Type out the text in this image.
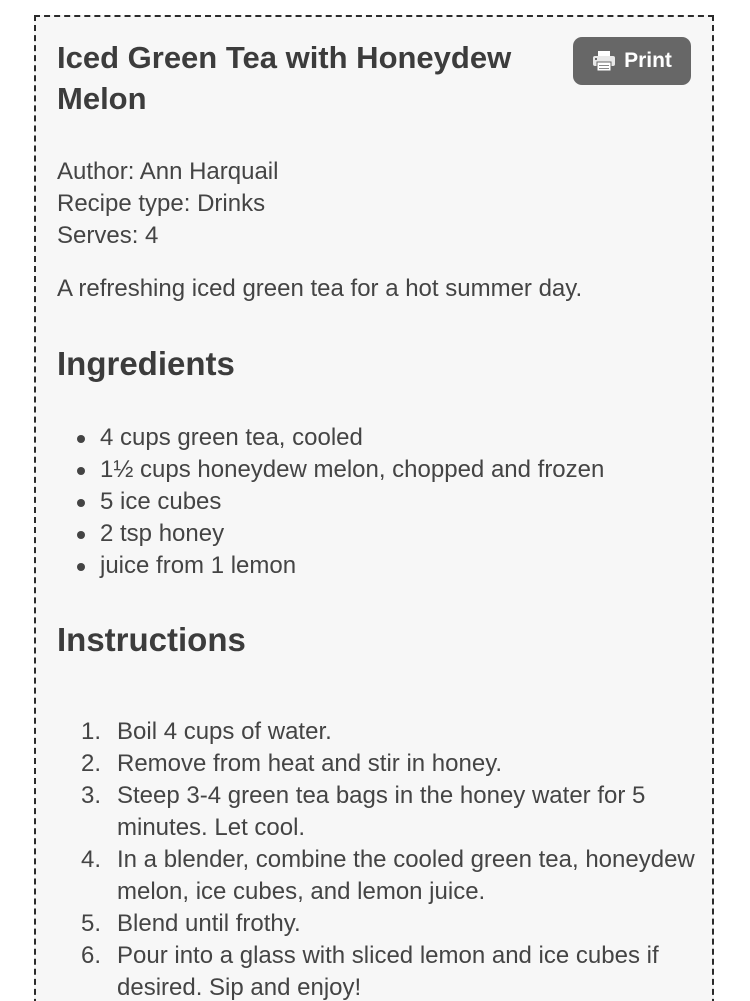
Iced Green Tea with Honeydew Melon
Print
Author: Ann Harquail
Recipe type: Drinks
Serves: 4

A refreshing iced green tea for a hot summer day.

Ingredients
4 cups green tea, cooled
1½ cups honeydew melon, chopped and frozen
5 ice cubes
2 tsp honey
juice from 1 lemon
Instructions
1. Boil 4 cups of water.
2. Remove from heat and stir in honey.
3. Steep 3-4 green tea bags in the honey water for 5 minutes. Let cool.
4. In a blender, combine the cooled green tea, honeydew melon, ice cubes, and lemon juice.
5. Blend until frothy.
6. Pour into a glass with sliced lemon and ice cubes if desired. Sip and enjoy!
